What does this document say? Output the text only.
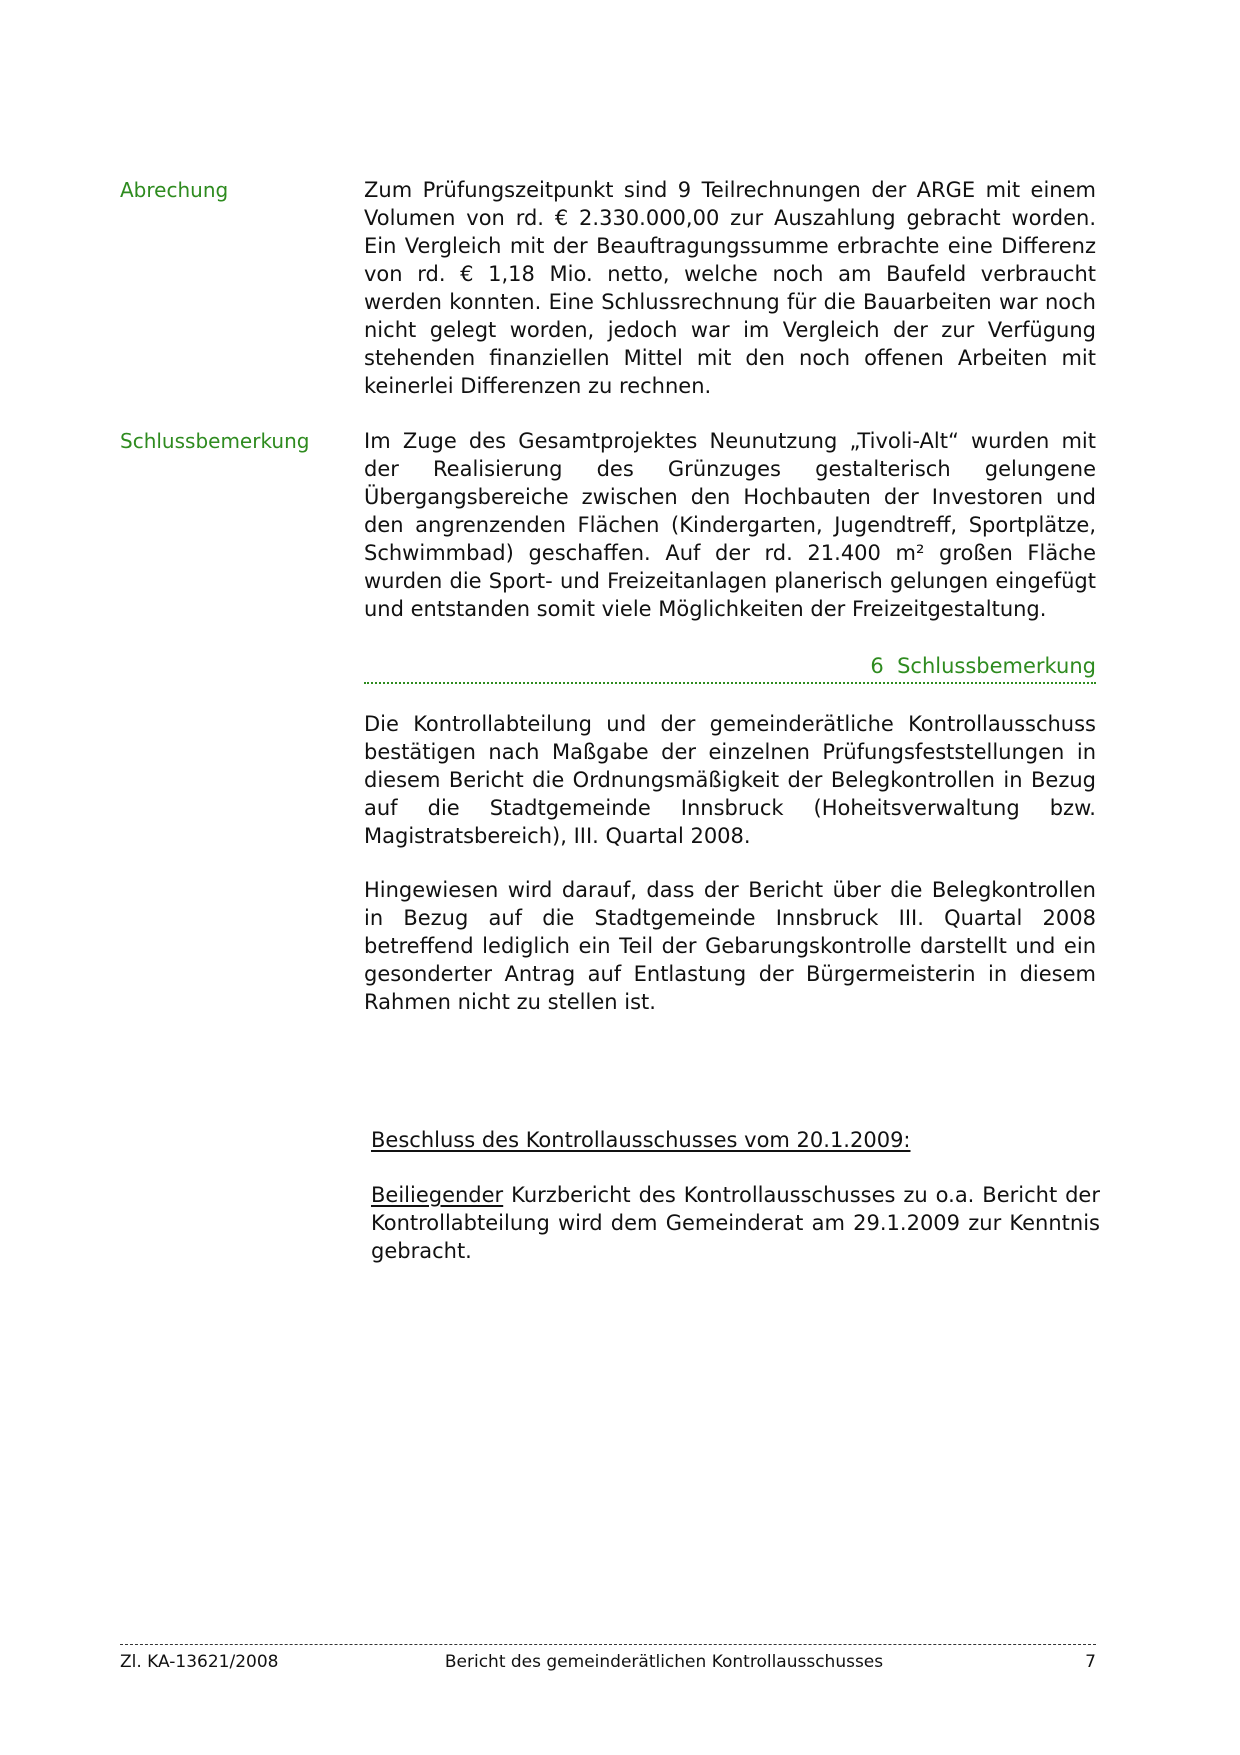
Abrechung	Zum Prüfungszeitpunkt sind 9 Teilrechnungen der ARGE mit einem Volumen von rd. € 2.330.000,00 zur Auszahlung gebracht worden. Ein Vergleich mit der Beauftragungssumme erbrachte eine Differenz von rd. € 1,18 Mio. netto, welche noch am Baufeld verbraucht werden konnten. Eine Schlussrechnung für die Bauarbeiten war noch nicht gelegt worden, jedoch war im Vergleich der zur Verfügung stehenden finanziellen Mittel mit den noch offenen Arbeiten mit keinerlei Differenzen zu rechnen.

Schlussbemerkung	Im Zuge des Gesamtprojektes Neunutzung „Tivoli-Alt“ wurden mit der Realisierung des Grünzuges gestalterisch gelungene Übergangsbereiche zwischen den Hochbauten der Investoren und den angrenzenden Flächen (Kindergarten, Jugendtreff, Sportplätze, Schwimmbad) geschaffen. Auf der rd. 21.400 m² großen Fläche wurden die Sport- und Freizeitanlagen planerisch gelungen eingefügt und entstanden somit viele Möglichkeiten der Freizeitgestaltung.

6 Schlussbemerkung

Die Kontrollabteilung und der gemeinderätliche Kontrollausschuss bestätigen nach Maßgabe der einzelnen Prüfungsfeststellungen in diesem Bericht die Ordnungsmäßigkeit der Belegkontrollen in Bezug auf die Stadtgemeinde Innsbruck (Hoheitsverwaltung bzw. Magistratsbereich), III. Quartal 2008.

Hingewiesen wird darauf, dass der Bericht über die Belegkontrollen in Bezug auf die Stadtgemeinde Innsbruck III. Quartal 2008 betreffend lediglich ein Teil der Gebarungskontrolle darstellt und ein gesonderter Antrag auf Entlastung der Bürgermeisterin in diesem Rahmen nicht zu stellen ist.

Beschluss des Kontrollausschusses vom 20.1.2009:

Beiliegender Kurzbericht des Kontrollausschusses zu o.a. Bericht der Kontrollabteilung wird dem Gemeinderat am 29.1.2009 zur Kenntnis gebracht.

Zl. KA-13621/2008	Bericht des gemeinderätlichen Kontrollausschusses	7
